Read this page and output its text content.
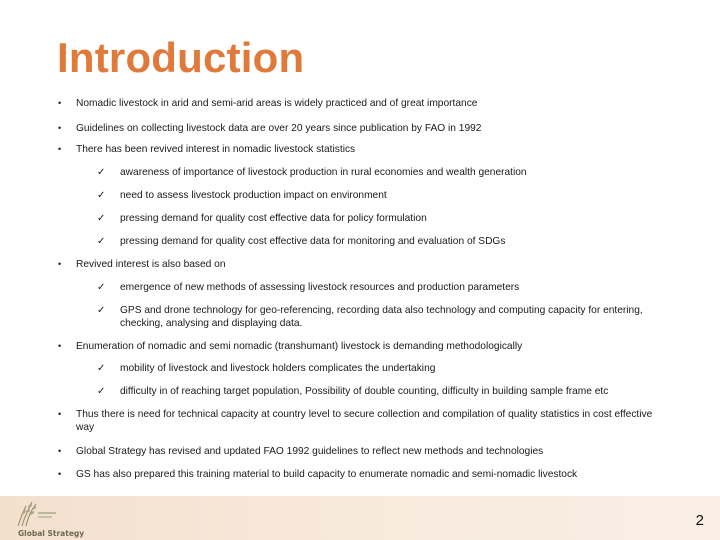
Introduction
•	Nomadic livestock in arid and semi-arid areas is widely practiced and of great importance
•	Guidelines on collecting livestock data are over 20 years since publication by FAO in 1992
•	There has been revived interest in nomadic livestock statistics
✓	awareness of importance of livestock production in rural economies and wealth generation
✓	need to assess livestock production impact on environment
✓	pressing demand for quality cost effective data for policy formulation
✓	pressing demand for quality cost effective data for monitoring and evaluation of SDGs
•	Revived interest is also based on
✓	emergence of new methods of assessing livestock resources and production parameters
✓	GPS and drone technology for geo-referencing, recording data also technology and computing capacity for entering, checking, analysing and displaying data.
•	Enumeration of nomadic and semi nomadic (transhumant) livestock is demanding methodologically
✓	mobility of livestock and livestock holders complicates the undertaking
✓	difficulty in of reaching target population, Possibility of double counting, difficulty in building sample frame etc
•	Thus there is need for technical capacity at country level to secure collection and compilation of quality statistics in cost effective way
•	Global Strategy has revised and updated FAO 1992 guidelines to reflect new methods and technologies
•	GS has also prepared this training material to build capacity to enumerate nomadic and semi-nomadic livestock
Global Strategy
2
